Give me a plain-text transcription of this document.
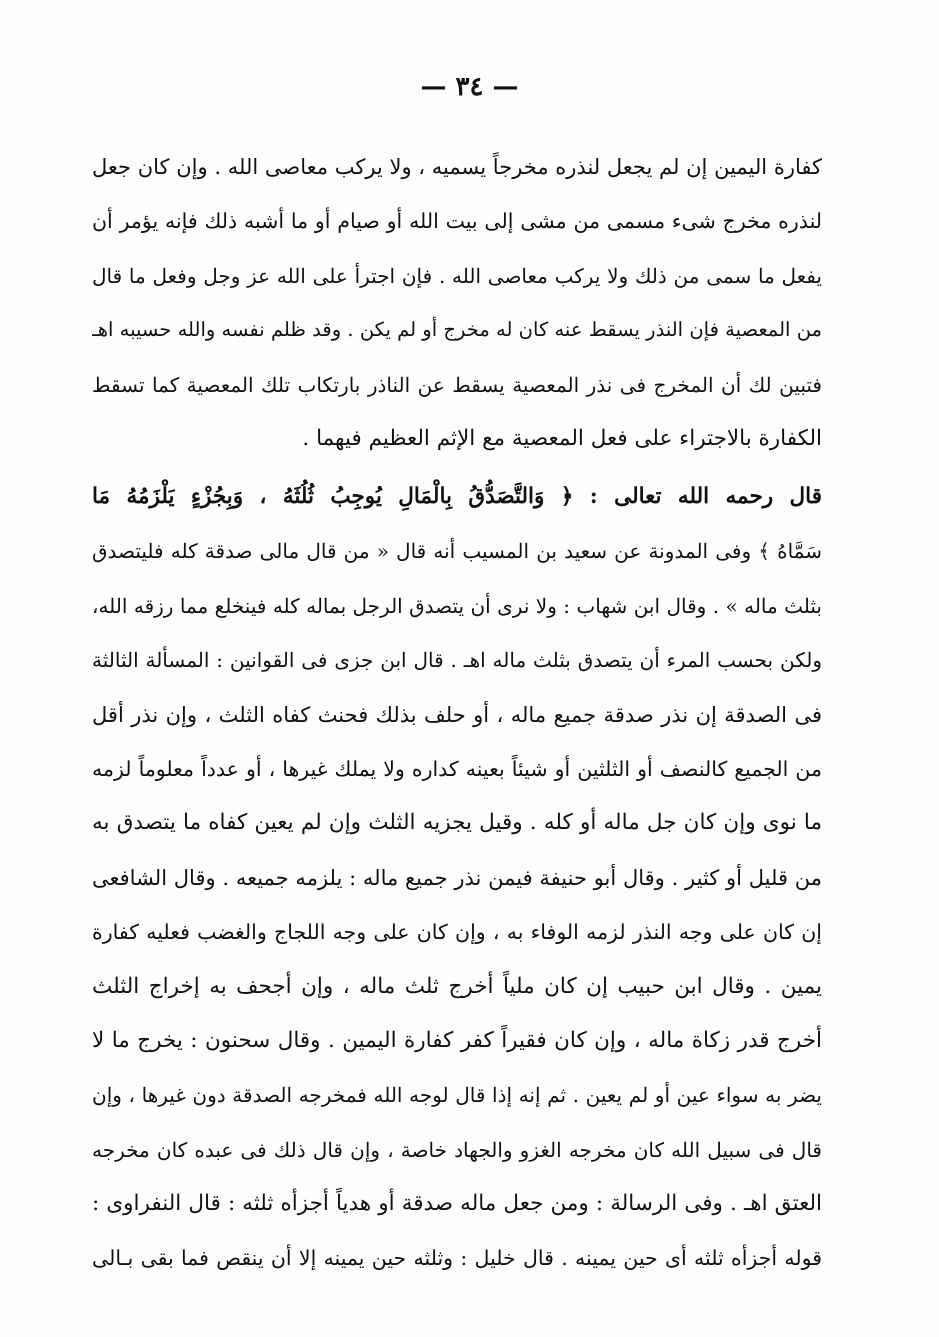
— ٣٤ —
كفارة اليمين إن لم يجعل لنذره مخرجاً يسميه ، ولا يركب معاصى الله . وإن كان جعل
لنذره مخرج شىء مسمى من مشى إلى بيت الله أو صيام أو ما أشبه ذلك فإنه يؤمر أن
يفعل ما سمى من ذلك ولا يركب معاصى الله . فإن اجترأ على الله عز وجل وفعل ما قال
من المعصية فإن النذر يسقط عنه كان له مخرج أو لم يكن . وقد ظلم نفسه والله حسيبه اهـ
فتبين لك أن المخرج فى نذر المعصية يسقط عن الناذر بارتكاب تلك المعصية كما تسقط
الكفارة بالاجتراء على فعل المعصية مع الإثم العظيم فيهما .
قال رحمه الله تعالى : ﴿ وَالتَّصَدُّقُ بِالْمَالِ يُوجِبُ ثُلُثَهُ ، وَبِجُزْءٍ يَلْزَمُهُ مَا
سَمَّاهُ ﴾ وفى المدونة عن سعيد بن المسيب أنه قال « من قال مالى صدقة كله فليتصدق
بثلث ماله » . وقال ابن شهاب : ولا نرى أن يتصدق الرجل بماله كله فينخلع مما رزقه الله،
ولكن بحسب المرء أن يتصدق بثلث ماله اهـ . قال ابن جزى فى القوانين : المسألة الثالثة
فى الصدقة إن نذر صدقة جميع ماله ، أو حلف بذلك فحنث كفاه الثلث ، وإن نذر أقل
من الجميع كالنصف أو الثلثين أو شيئاً بعينه كداره ولا يملك غيرها ، أو عدداً معلوماً لزمه
ما نوى وإن كان جل ماله أو كله . وقيل يجزيه الثلث وإن لم يعين كفاه ما يتصدق به
من قليل أو كثير . وقال أبو حنيفة فيمن نذر جميع ماله : يلزمه جميعه . وقال الشافعى
إن كان على وجه النذر لزمه الوفاء به ، وإن كان على وجه اللجاج والغضب فعليه كفارة
يمين . وقال ابن حبيب إن كان ملياً أخرج ثلث ماله ، وإن أجحف به إخراج الثلث
أخرج قدر زكاة ماله ، وإن كان فقيراً كفر كفارة اليمين . وقال سحنون : يخرج ما لا
يضر به سواء عين أو لم يعين . ثم إنه إذا قال لوجه الله فمخرجه الصدقة دون غيرها ، وإن
قال فى سبيل الله كان مخرجه الغزو والجهاد خاصة ، وإن قال ذلك فى عبده كان مخرجه
العتق اهـ . وفى الرسالة : ومن جعل ماله صدقة أو هدياً أجزأه ثلثه : قال النفراوى :
قوله أجزأه ثلثه أى حين يمينه . قال خليل : وثلثه حين يمينه إلا أن ينقص فما بقى بـالى
